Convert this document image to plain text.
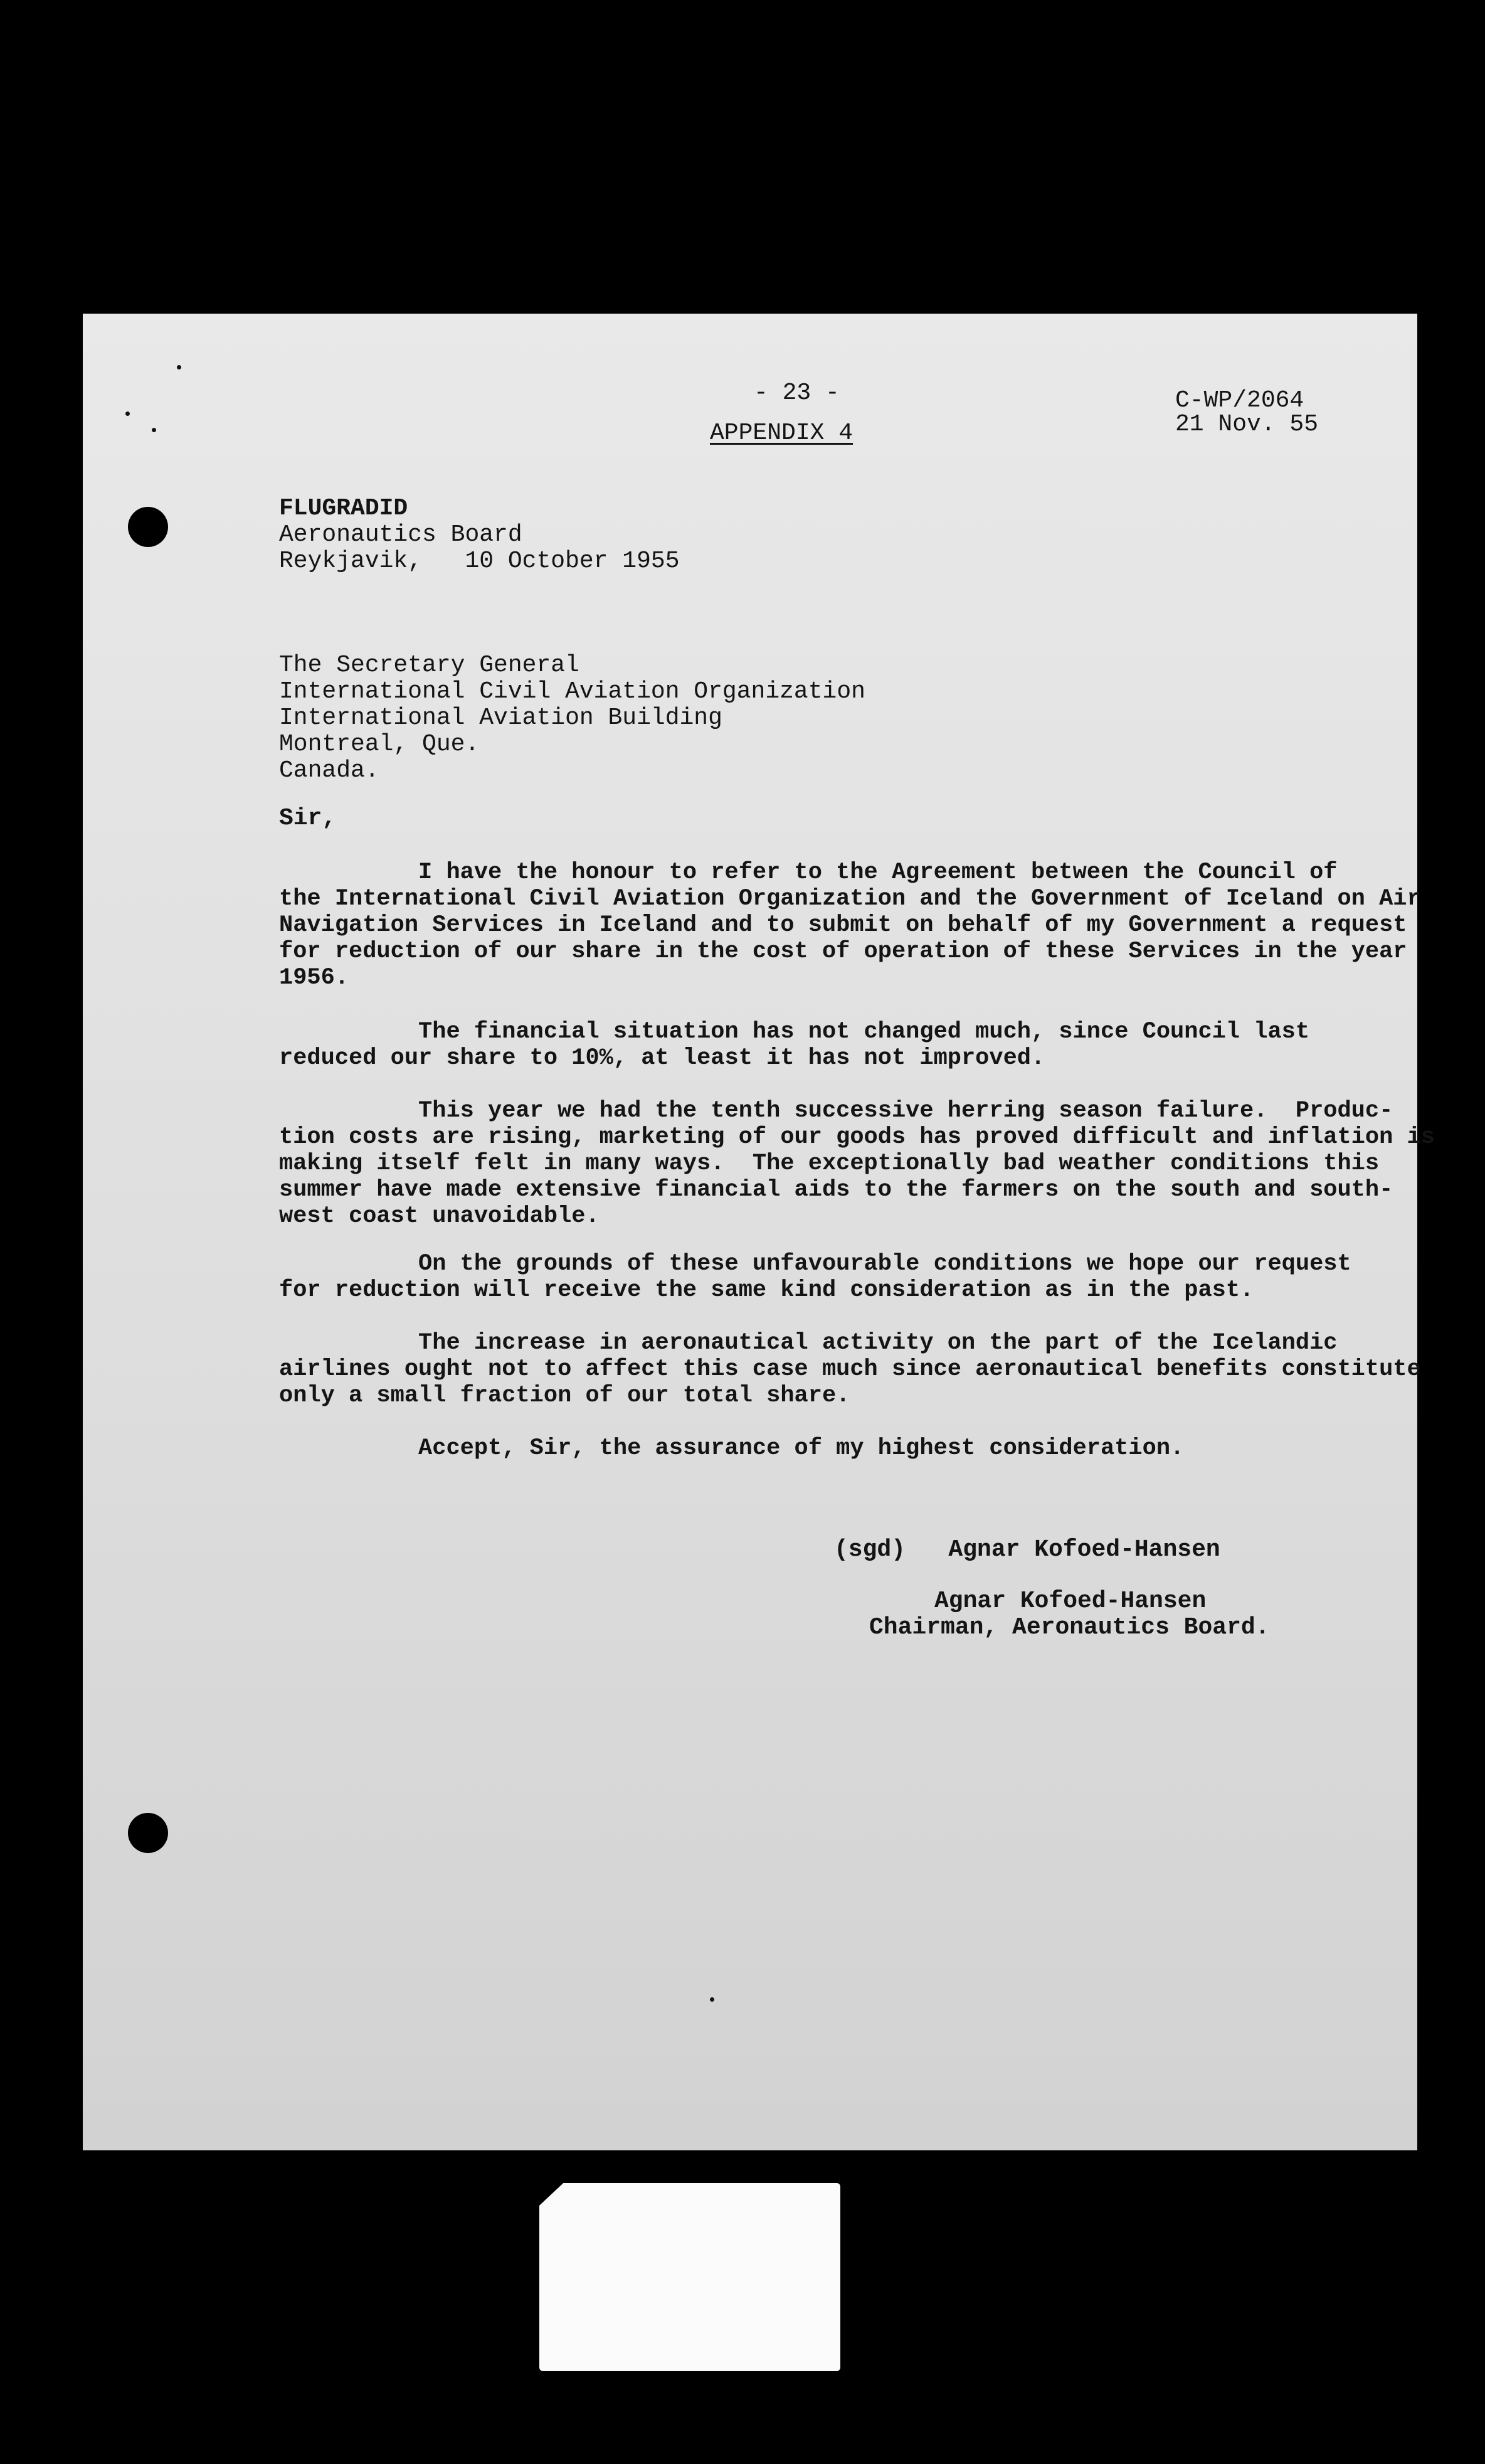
- 23 -
APPENDIX 4
C-WP/2064
21 Nov. 55
FLUGRADID
Aeronautics Board
Reykjavik,   10 October 1955
The Secretary General
International Civil Aviation Organization
International Aviation Building
Montreal, Que.
Canada.
Sir,
I have the honour to refer to the Agreement between the Council of
the International Civil Aviation Organization and the Government of Iceland on Air
Navigation Services in Iceland and to submit on behalf of my Government a request
for reduction of our share in the cost of operation of these Services in the year
1956.
The financial situation has not changed much, since Council last
reduced our share to 10%, at least it has not improved.
This year we had the tenth successive herring season failure.  Produc-
tion costs are rising, marketing of our goods has proved difficult and inflation is
making itself felt in many ways.  The exceptionally bad weather conditions this
summer have made extensive financial aids to the farmers on the south and south-
west coast unavoidable.
On the grounds of these unfavourable conditions we hope our request
for reduction will receive the same kind consideration as in the past.
The increase in aeronautical activity on the part of the Icelandic
airlines ought not to affect this case much since aeronautical benefits constitute
only a small fraction of our total share.
Accept, Sir, the assurance of my highest consideration.
(sgd)   Agnar Kofoed-Hansen
Agnar Kofoed-Hansen
Chairman, Aeronautics Board.
